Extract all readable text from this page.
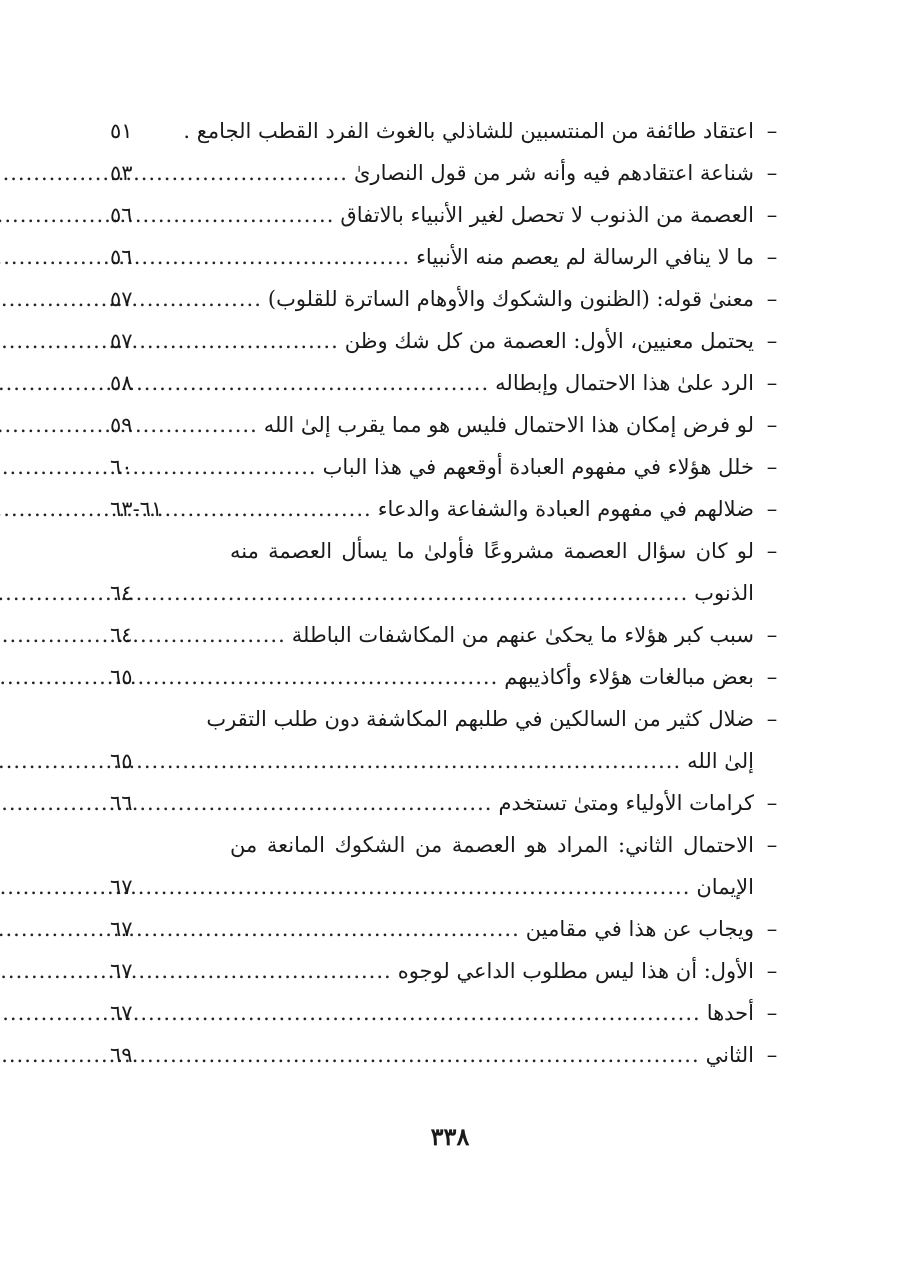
–
اعتقاد طائفة من المنتسبين للشاذلي بالغوث الفرد القطب الجامع .
٥١
–
شناعة اعتقادهم فيه وأنه شر من قول النصارىٰ
.....
٥٣
–
العصمة من الذنوب لا تحصل لغير الأنبياء بالاتفاق
.....
٥٦
–
ما لا ينافي الرسالة لم يعصم منه الأنبياء
.....
٥٦
–
معنىٰ قوله: (الظنون والشكوك والأوهام الساترة للقلوب)
.....
٥٧
–
يحتمل معنيين، الأول: العصمة من كل شك وظن
.....
٥٧
–
الرد علىٰ هذا الاحتمال وإبطاله
.....
٥٨
–
لو فرض إمكان هذا الاحتمال فليس هو مما يقرب إلىٰ الله
.....
٥٩
–
خلل هؤلاء في مفهوم العبادة أوقعهم في هذا الباب
.....
٦٠
–
ضلالهم في مفهوم العبادة والشفاعة والدعاء
.....
٦١-٦٣
–
لو كان سؤال العصمة مشروعًا فأولىٰ ما يسأل العصمة منه
الذنوب
.....
٦٤
–
سبب كبر هؤلاء ما يحكىٰ عنهم من المكاشفات الباطلة
.....
٦٤
–
بعض مبالغات هؤلاء وأكاذيبهم
.....
٦٥
–
ضلال كثير من السالكين في طلبهم المكاشفة دون طلب التقرب
إلىٰ الله
.....
٦٥
–
كرامات الأولياء ومتىٰ تستخدم
.....
٦٦
–
الاحتمال الثاني: المراد هو العصمة من الشكوك المانعة من
الإيمان
.....
٦٧
–
ويجاب عن هذا في مقامين
.....
٦٧
–
الأول: أن هذا ليس مطلوب الداعي لوجوه
.....
٦٧
–
أحدها
.....
٦٧
–
الثاني
.....
٦٩
٣٣٨
